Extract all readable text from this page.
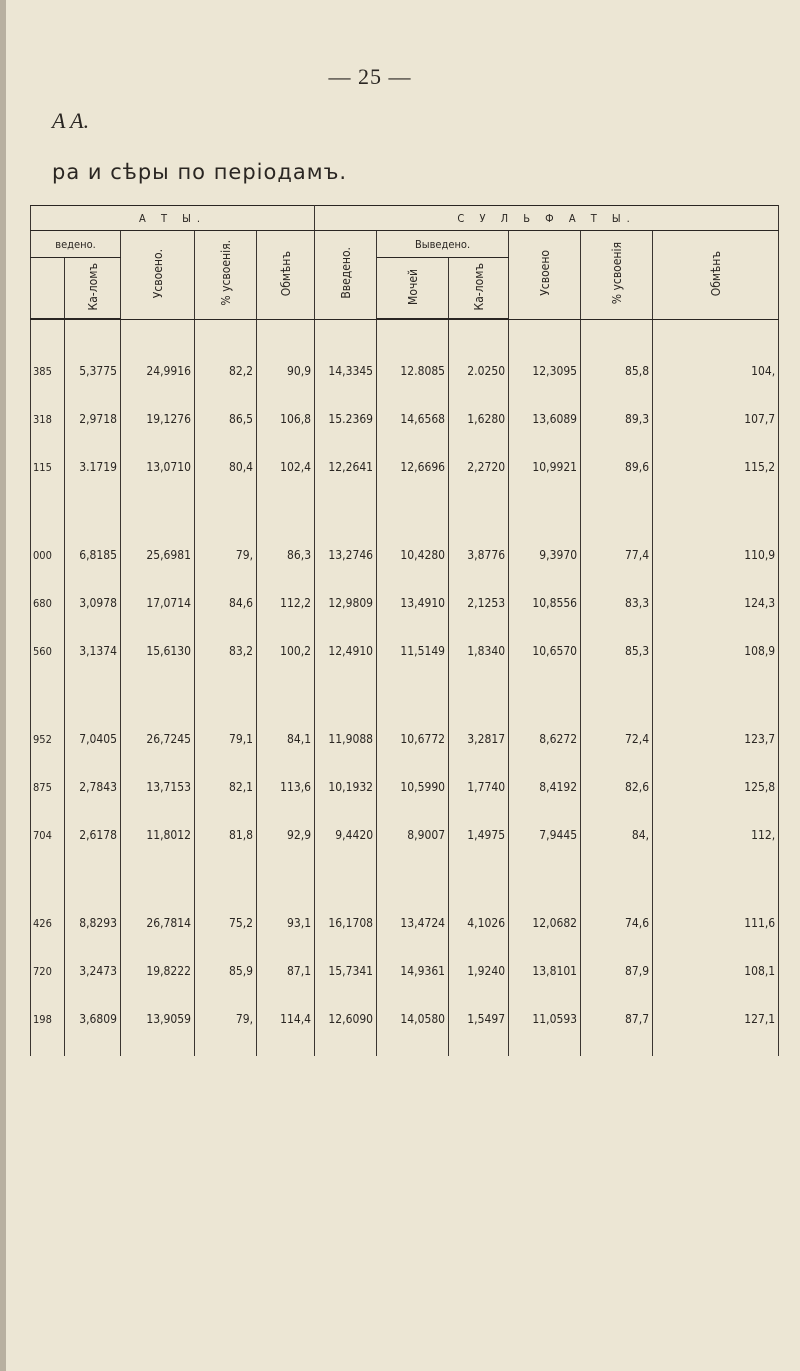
— 25 —
A A.
ра и сѣры по періодамъ.
А Т Ы.					С У Л Ь Ф А Т Ы.					
ведено.		Усвоено.	% усвоенія.	Обмѣнъ	Введено.	Выведено.		Усвоено	% усвоенія	Обмѣнъ
	Ка-ломъ					Мочей	Ка-ломъ			

385	5,3775	24,9916	82,2	90,9	14,3345	12.8085	2.0250	12,3095	85,8	104,
318	2,9718	19,1276	86,5	106,8	15.2369	14,6568	1,6280	13,6089	89,3	107,7
115	3.1719	13,0710	80,4	102,4	12,2641	12,6696	2,2720	10,9921	89,6	115,2

000	6,8185	25,6981	79,	86,3	13,2746	10,4280	3,8776	9,3970	77,4	110,9
680	3,0978	17,0714	84,6	112,2	12,9809	13,4910	2,1253	10,8556	83,3	124,3
560	3,1374	15,6130	83,2	100,2	12,4910	11,5149	1,8340	10,6570	85,3	108,9

952	7,0405	26,7245	79,1	84,1	11,9088	10,6772	3,2817	8,6272	72,4	123,7
875	2,7843	13,7153	82,1	113,6	10,1932	10,5990	1,7740	8,4192	82,6	125,8
704	2,6178	11,8012	81,8	92,9	9,4420	8,9007	1,4975	7,9445	84,	112,

426	8,8293	26,7814	75,2	93,1	16,1708	13,4724	4,1026	12,0682	74,6	111,6
720	3,2473	19,8222	85,9	87,1	15,7341	14,9361	1,9240	13,8101	87,9	108,1
198	3,6809	13,9059	79,	114,4	12,6090	14,0580	1,5497	11,0593	87,7	127,1
